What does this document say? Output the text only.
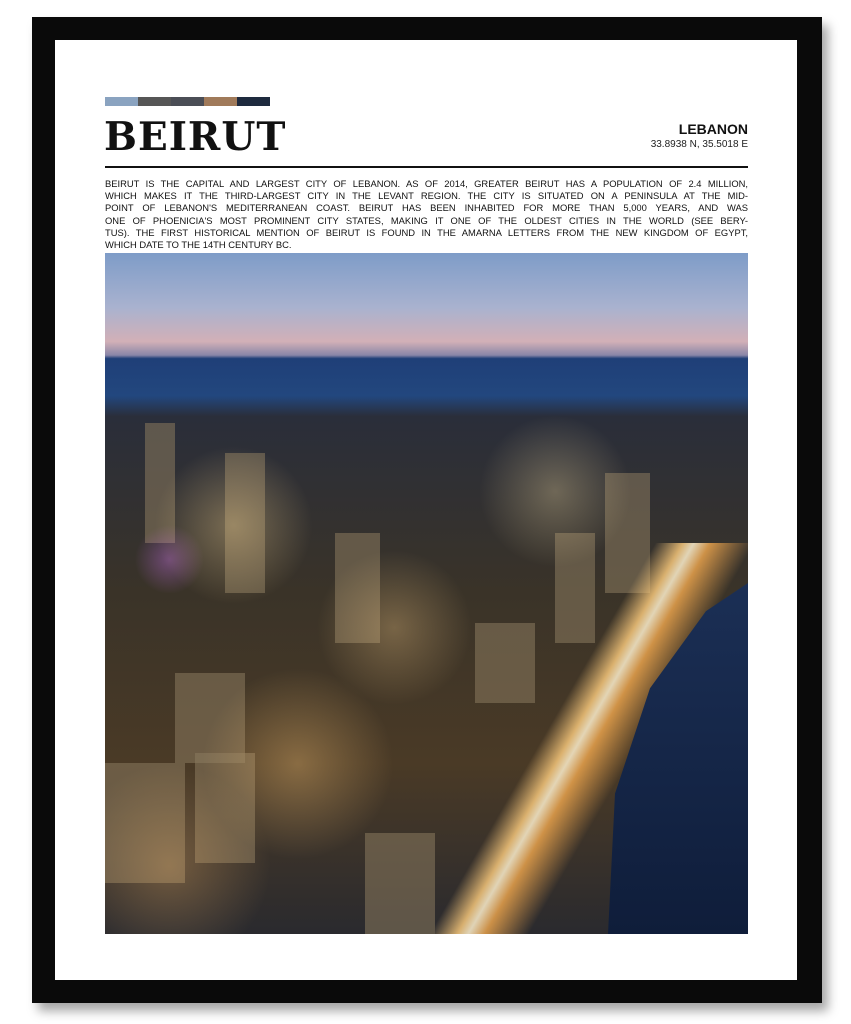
BEIRUT	LEBANON
33.8938 N, 35.5018 E
BEIRUT IS THE CAPITAL AND LARGEST CITY OF LEBANON. AS OF 2014, GREATER BEIRUT HAS A POPULATION OF 2.4 MILLION,
WHICH MAKES IT THE THIRD-LARGEST CITY IN THE LEVANT REGION. THE CITY IS SITUATED ON A PENINSULA AT THE MID-
POINT OF LEBANON'S MEDITERRANEAN COAST. BEIRUT HAS BEEN INHABITED FOR MORE THAN 5,000 YEARS, AND WAS
ONE OF PHOENICIA'S MOST PROMINENT CITY STATES, MAKING IT ONE OF THE OLDEST CITIES IN THE WORLD (SEE BERY-
TUS). THE FIRST HISTORICAL MENTION OF BEIRUT IS FOUND IN THE AMARNA LETTERS FROM THE NEW KINGDOM OF EGYPT,
WHICH DATE TO THE 14TH CENTURY BC.
